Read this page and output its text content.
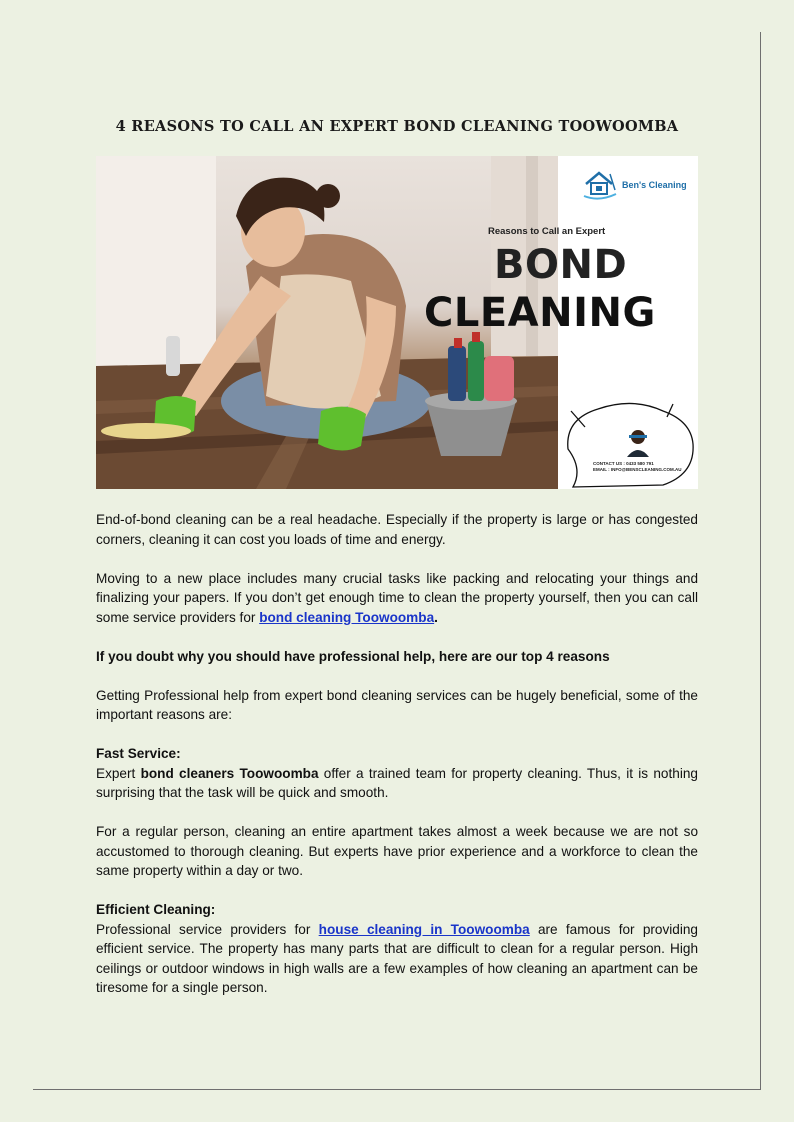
4 REASONS TO CALL AN EXPERT BOND CLEANING TOOWOOMBA
Ben's Cleaning
Reasons to Call an Expert
BOND
CLEANING
CONTACT US : 0433 580 791
EMAIL : INFO@BENSCLEANING.COM.AU

End-of-bond cleaning can be a real headache. Especially if the property is large or has congested corners, cleaning it can cost you loads of time and energy.

Moving to a new place includes many crucial tasks like packing and relocating your things and finalizing your papers. If you don’t get enough time to clean the property yourself, then you can call some service providers for bond cleaning Toowoomba.

If you doubt why you should have professional help, here are our top 4 reasons

Getting Professional help from expert bond cleaning services can be hugely beneficial, some of the important reasons are:

Fast Service:

Expert bond cleaners Toowoomba offer a trained team for property cleaning. Thus, it is nothing surprising that the task will be quick and smooth.

For a regular person, cleaning an entire apartment takes almost a week because we are not so accustomed to thorough cleaning. But experts have prior experience and a workforce to clean the same property within a day or two.

Efficient Cleaning:

Professional service providers for house cleaning in Toowoomba are famous for providing efficient service. The property has many parts that are difficult to clean for a regular person. High ceilings or outdoor windows in high walls are a few examples of how cleaning an apartment can be tiresome for a single person.
